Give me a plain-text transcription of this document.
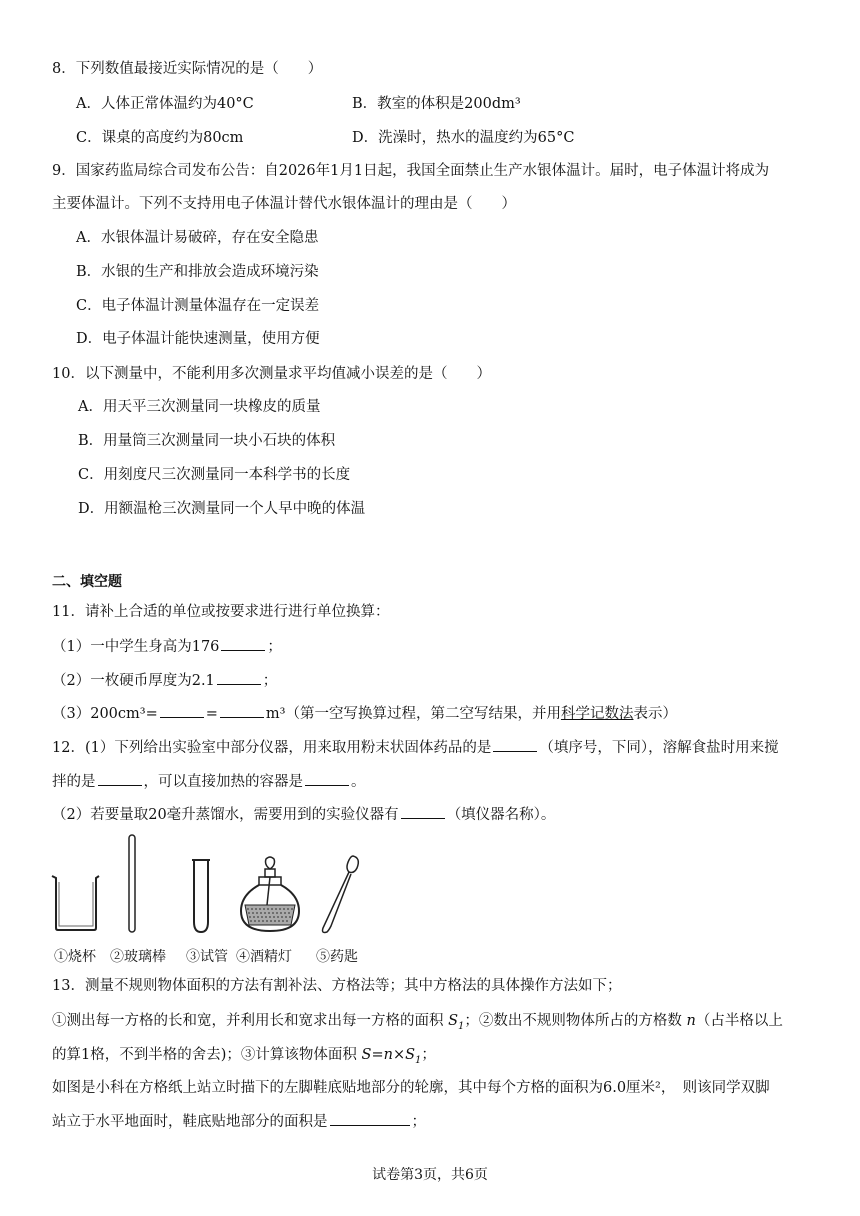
8．下列数值最接近实际情况的是（　　）
A．人体正常体温约为40°C	B．教室的体积是200dm³
C．课桌的高度约为80cm	D．洗澡时，热水的温度约为65°C
9．国家药监局综合司发布公告：自2026年1月1日起，我国全面禁止生产水银体温计。届时，电子体温计将成为
主要体温计。下列不支持用电子体温计替代水银体温计的理由是（　　）
A．水银体温计易破碎，存在安全隐患
B．水银的生产和排放会造成环境污染
C．电子体温计测量体温存在一定误差
D．电子体温计能快速测量，使用方便
10．以下测量中，不能利用多次测量求平均值减小误差的是（　　）
A．用天平三次测量同一块橡皮的质量
B．用量筒三次测量同一块小石块的体积
C．用刻度尺三次测量同一本科学书的长度
D．用额温枪三次测量同一个人早中晚的体温
二、填空题
11．请补上合适的单位或按要求进行进行单位换算：
（1）一中学生身高为176	；
（2）一枚硬币厚度为2.1	；
（3）200cm³=	=	m³（第一空写换算过程，第二空写结果，并用科学记数法表示）
12．(1）下列给出实验室中部分仪器，用来取用粉末状固体药品的是	（填序号，下同），溶解食盐时用来搅
拌的是	，可以直接加热的容器是	。
（2）若要量取20毫升蒸馏水，需要用到的实验仪器有	（填仪器名称）。
①烧杯 ②玻璃棒 ③试管 ④酒精灯 ⑤药匙
13．测量不规则物体面积的方法有割补法、方格法等；其中方格法的具体操作方法如下；
①测出每一方格的长和宽，并利用长和宽求出每一方格的面积 $S_1$；②数出不规则物体所占的方格数 n（占半格以上
的算1格，不到半格的舍去)；③计算该物体面积 $S=n\times S_1$；
如图是小科在方格纸上站立时描下的左脚鞋底贴地部分的轮廓，其中每个方格的面积为6.0厘米²，　则该同学双脚
站立于水平地面时，鞋底贴地部分的面积是	；
试卷第3页，共6页
